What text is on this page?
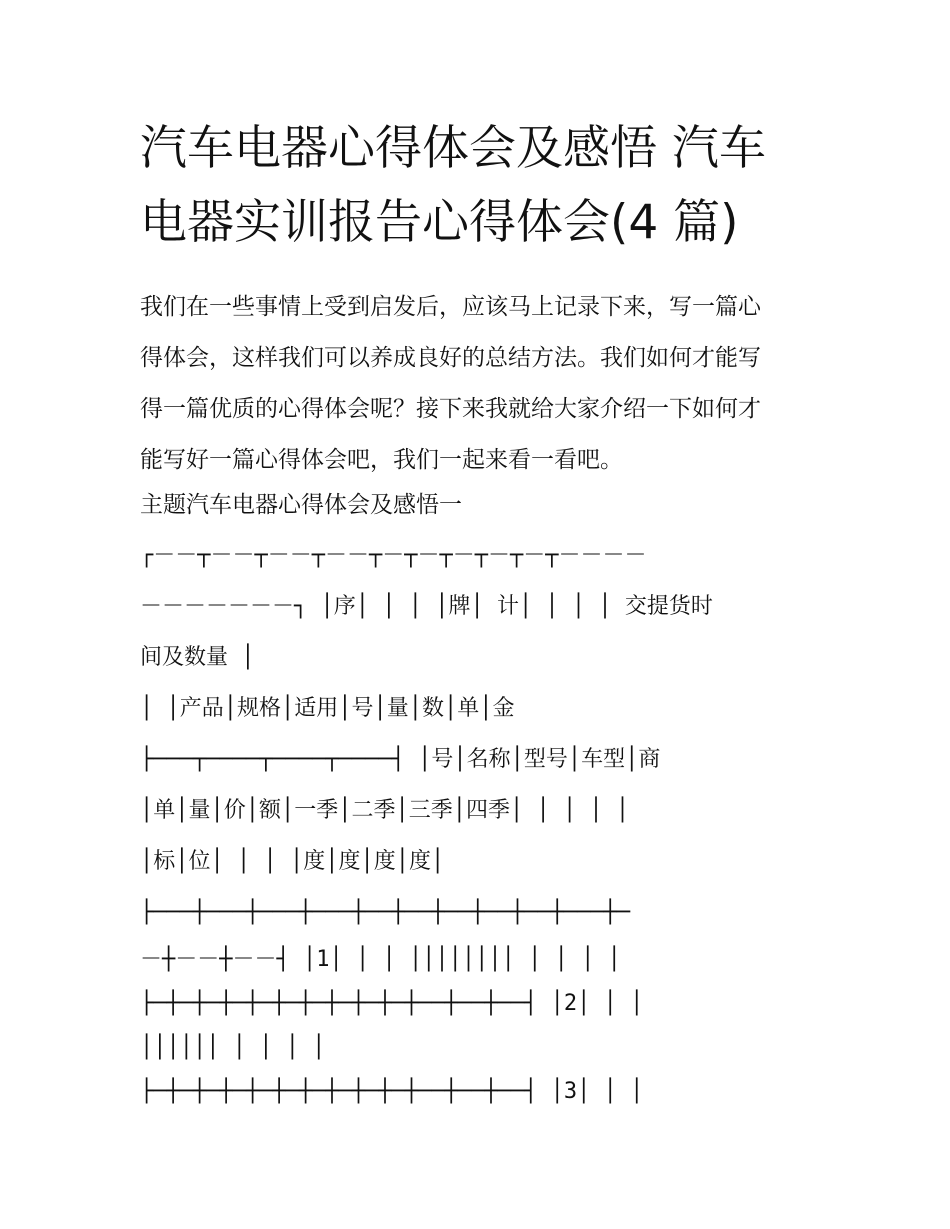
汽车电器心得体会及感悟 汽车
电器实训报告心得体会(4 篇)
我们在一些事情上受到启发后，应该马上记录下来，写一篇心
得体会，这样我们可以养成良好的总结方法。我们如何才能写
得一篇优质的心得体会呢？接下来我就给大家介绍一下如何才
能写好一篇心得体会吧，我们一起来看一看吧。
主题汽车电器心得体会及感悟一
┌－－┬－－┬－－┬－－┬－┬－┬－┬－┬－┬－－－－
－－－－－－－┐ │序│ │ │ │牌│ 计│ │ │ │ 交提货时
间及数量 │
│ │产品│规格│适用│号│量│数│单│金
├───┬────┬────┬────┤ │号│名称│型号│车型│商
│单│量│价│额│一季│二季│三季│四季│ │ │ │ │
│标│位│ │ │ │度│度│度│度│
├───┼───┼───┼───┼──┼──┼──┼──┼──┼───┼─
－┼－－┼－－┤ │1│ │ │ ││││││││ │ │ │ │
├─┼─┼─┼─┼─┼─┼─┼─┼─┼─┼──┼──┼──┤ │2│ │ │
││││││ │ │ │ │
├─┼─┼─┼─┼─┼─┼─┼─┼─┼─┼──┼──┼──┤ │3│ │ │
